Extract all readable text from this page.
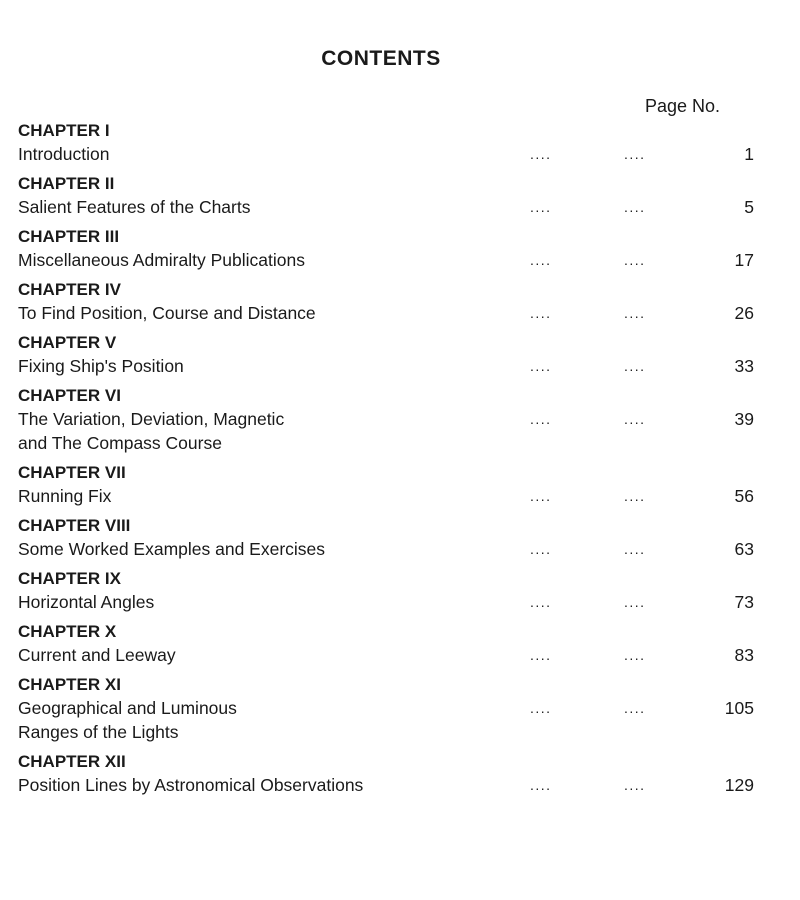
CONTENTS
Page No.
CHAPTER I
Introduction	....	....	1
CHAPTER II
Salient Features of the Charts	....	....	5
CHAPTER III
Miscellaneous Admiralty Publications	....	....	17
CHAPTER IV
To Find Position, Course and Distance	....	....	26
CHAPTER V
Fixing Ship's Position	....	....	33
CHAPTER VI
The Variation, Deviation, Magnetic
and The Compass Course
....	....	39
CHAPTER VII
Running Fix	....	....	56
CHAPTER VIII
Some Worked Examples and Exercises	....	....	63
CHAPTER IX
Horizontal Angles	....	....	73
CHAPTER X
Current and Leeway	....	....	83
CHAPTER XI
Geographical and Luminous
Ranges of the Lights
....	....	105
CHAPTER XII
Position Lines by Astronomical Observations	....	....	129
